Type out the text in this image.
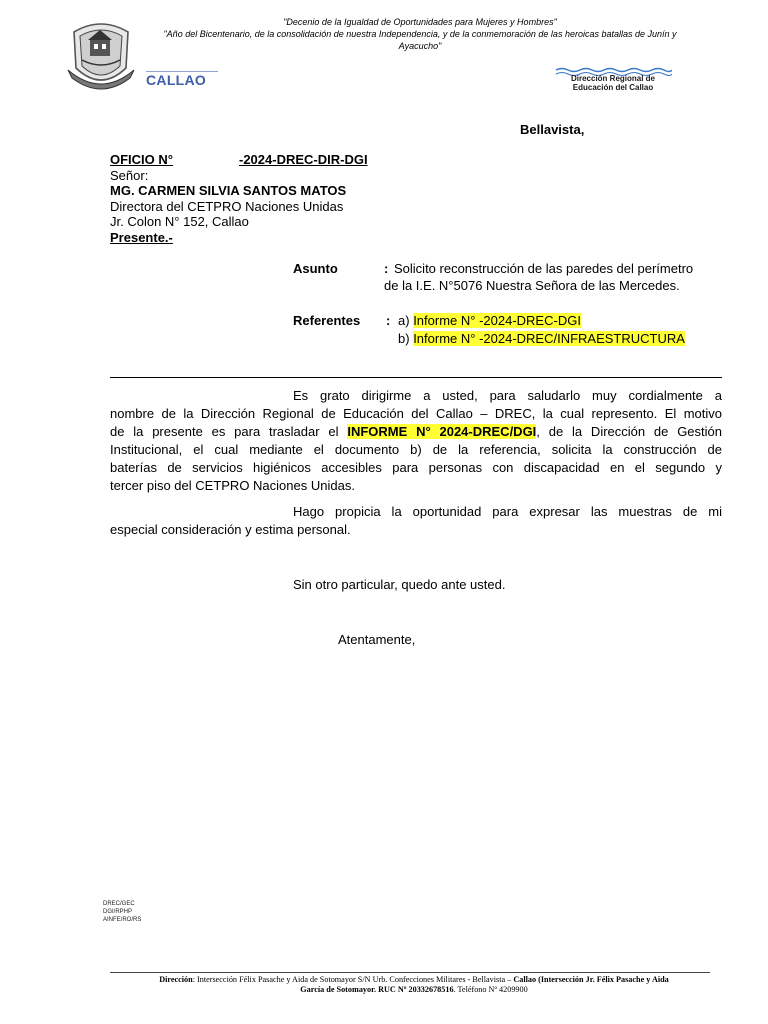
"Decenio de la Igualdad de Oportunidades para Mujeres y Hombres"
"Año del Bicentenario, de la consolidación de nuestra Independencia, y de la conmemoración de las heroicas batallas de Junín y
Ayacucho"
CALLAO	Dirección Regional de
Educación del Callao
Bellavista,
OFICIO N°	-2024-DREC-DIR-DGI
Señor:
MG. CARMEN SILVIA SANTOS MATOS
Directora del CETPRO Naciones Unidas
Jr. Colon N° 152, Callao
Presente.-
Asunto	: Solicito reconstrucción de las paredes del perímetro
de la I.E. N°5076 Nuestra Señora de las Mercedes.
Referentes : a) Informe N° -2024-DREC-DGI
b) Informe N° -2024-DREC/INFRAESTRUCTURA
Es grato dirigirme a usted, para saludarlo muy cordialmente a
nombre de la Dirección Regional de Educación del Callao – DREC, la cual represento. El motivo
de la presente es para trasladar el INFORME N° 2024-DREC/DGI, de la Dirección de Gestión
Institucional, el cual mediante el documento b) de la referencia, solicita la construcción de
baterías de servicios higiénicos accesibles para personas con discapacidad en el segundo y
tercer piso del CETPRO Naciones Unidas.
Hago propicia la oportunidad para expresar las muestras de mi
especial consideración y estima personal.
Sin otro particular, quedo ante usted.
Atentamente,
DREC/GEC
DGI/RPHP
AINFE/RO/RS
Dirección: Intersección Félix Pasache y Aida de Sotomayor S/N Urb. Confecciones Militares - Bellavista – Callao (Intersección Jr. Félix Pasache y Aida
García de Sotomayor. RUC Nº 20332678516. Teléfono Nº 4209900
